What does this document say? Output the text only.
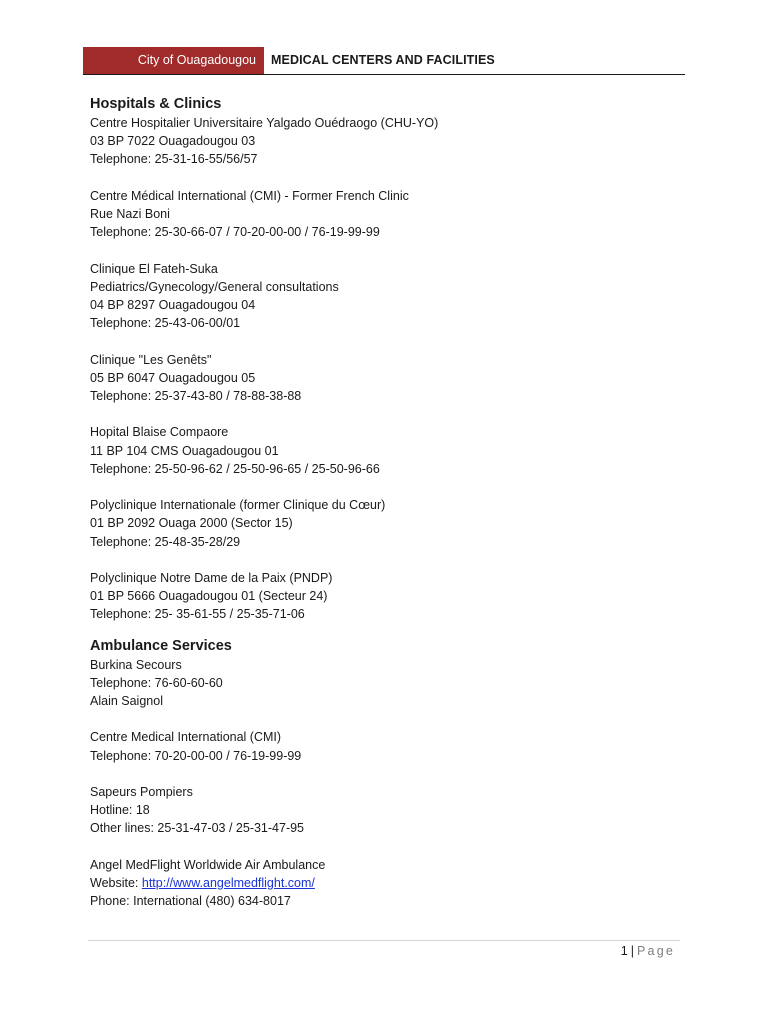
City of Ouagadougou	MEDICAL CENTERS AND FACILITIES
Hospitals & Clinics
Centre Hospitalier Universitaire Yalgado Ouédraogo (CHU-YO)
03 BP 7022 Ouagadougou 03
Telephone: 25-31-16-55/56/57
Centre Médical International (CMI) - Former French Clinic
Rue Nazi Boni
Telephone: 25-30-66-07 / 70-20-00-00 / 76-19-99-99
Clinique El Fateh-Suka
Pediatrics/Gynecology/General consultations
04 BP 8297 Ouagadougou 04
Telephone: 25-43-06-00/01
Clinique "Les Genêts"
05 BP 6047 Ouagadougou 05
Telephone: 25-37-43-80 / 78-88-38-88
Hopital Blaise Compaore
11 BP 104 CMS Ouagadougou 01
Telephone: 25-50-96-62 / 25-50-96-65 / 25-50-96-66
Polyclinique Internationale (former Clinique du Cœur)
01 BP 2092 Ouaga 2000 (Sector 15)
Telephone: 25-48-35-28/29
Polyclinique Notre Dame de la Paix (PNDP)
01 BP 5666 Ouagadougou 01 (Secteur 24)
Telephone: 25- 35-61-55 / 25-35-71-06
Ambulance Services
Burkina Secours
Telephone: 76-60-60-60
Alain Saignol
Centre Medical International (CMI)
Telephone: 70-20-00-00 / 76-19-99-99
Sapeurs Pompiers
Hotline: 18
Other lines: 25-31-47-03 / 25-31-47-95
Angel MedFlight Worldwide Air Ambulance
Website: http://www.angelmedflight.com/
Phone: International (480) 634-8017
1 | Page
